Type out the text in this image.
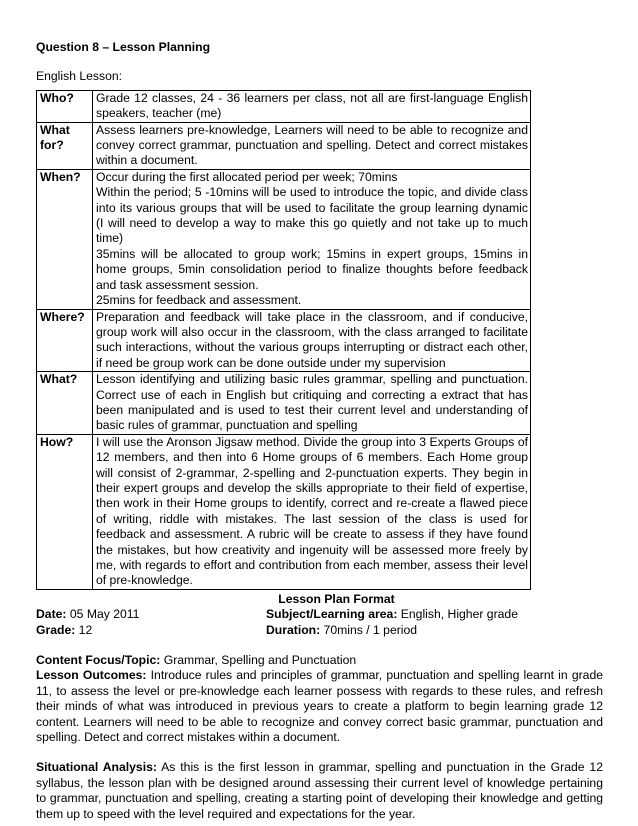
Question 8 – Lesson Planning
English Lesson:
Who?	Grade 12 classes, 24 - 36 learners per class, not all are first-language English speakers, teacher (me)

What for?	Assess learners pre-knowledge, Learners will need to be able to recognize and convey correct grammar, punctuation and spelling. Detect and correct mistakes within a document.

When?	Occur during the first allocated period per week; 70mins

Within the period; 5 -10mins will be used to introduce the topic, and divide class into its various groups that will be used to facilitate the group learning dynamic (I will need to develop a way to make this go quietly and not take up to much time)

35mins will be allocated to group work; 15mins in expert groups, 15mins in home groups, 5min consolidation period to finalize thoughts before feedback and task assessment session.

25mins for feedback and assessment.

Where?	Preparation and feedback will take place in the classroom, and if conducive, group work will also occur in the classroom, with the class arranged to facilitate such interactions, without the various groups interrupting or distract each other, if need be group work can be done outside under my supervision

What?	Lesson identifying and utilizing basic rules grammar, spelling and punctuation. Correct use of each in English but critiquing and correcting a extract that has been manipulated and is used to test their current level and understanding of basic rules of grammar, punctuation and spelling

How?	I will use the Aronson Jigsaw method. Divide the group into 3 Experts Groups of 12 members, and then into 6 Home groups of 6 members. Each Home group will consist of 2-grammar, 2-spelling and 2-punctuation experts. They begin in their expert groups and develop the skills appropriate to their field of expertise, then work in their Home groups to identify, correct and re-create a flawed piece of writing, riddle with mistakes. The last session of the class is used for feedback and assessment. A rubric will be create to assess if they have found the mistakes, but how creativity and ingenuity will be assessed more freely by me, with regards to effort and contribution from each member, assess their level of pre-knowledge.

Lesson Plan Format
Date: 05 May 2011	Subject/Learning area: English, Higher grade
Grade: 12	Duration: 70mins / 1 period
Content Focus/Topic: Grammar, Spelling and Punctuation
Lesson Outcomes: Introduce rules and principles of grammar, punctuation and spelling learnt in grade 11, to assess the level or pre-knowledge each learner possess with regards to these rules, and refresh their minds of what was introduced in previous years to create a platform to begin learning grade 12 content. Learners will need to be able to recognize and convey correct basic grammar, punctuation and spelling. Detect and correct mistakes within a document.
Situational Analysis: As this is the first lesson in grammar, spelling and punctuation in the Grade 12 syllabus, the lesson plan with be designed around assessing their current level of knowledge pertaining to grammar, punctuation and spelling, creating a starting point of developing their knowledge and getting them up to speed with the level required and expectations for the year.
